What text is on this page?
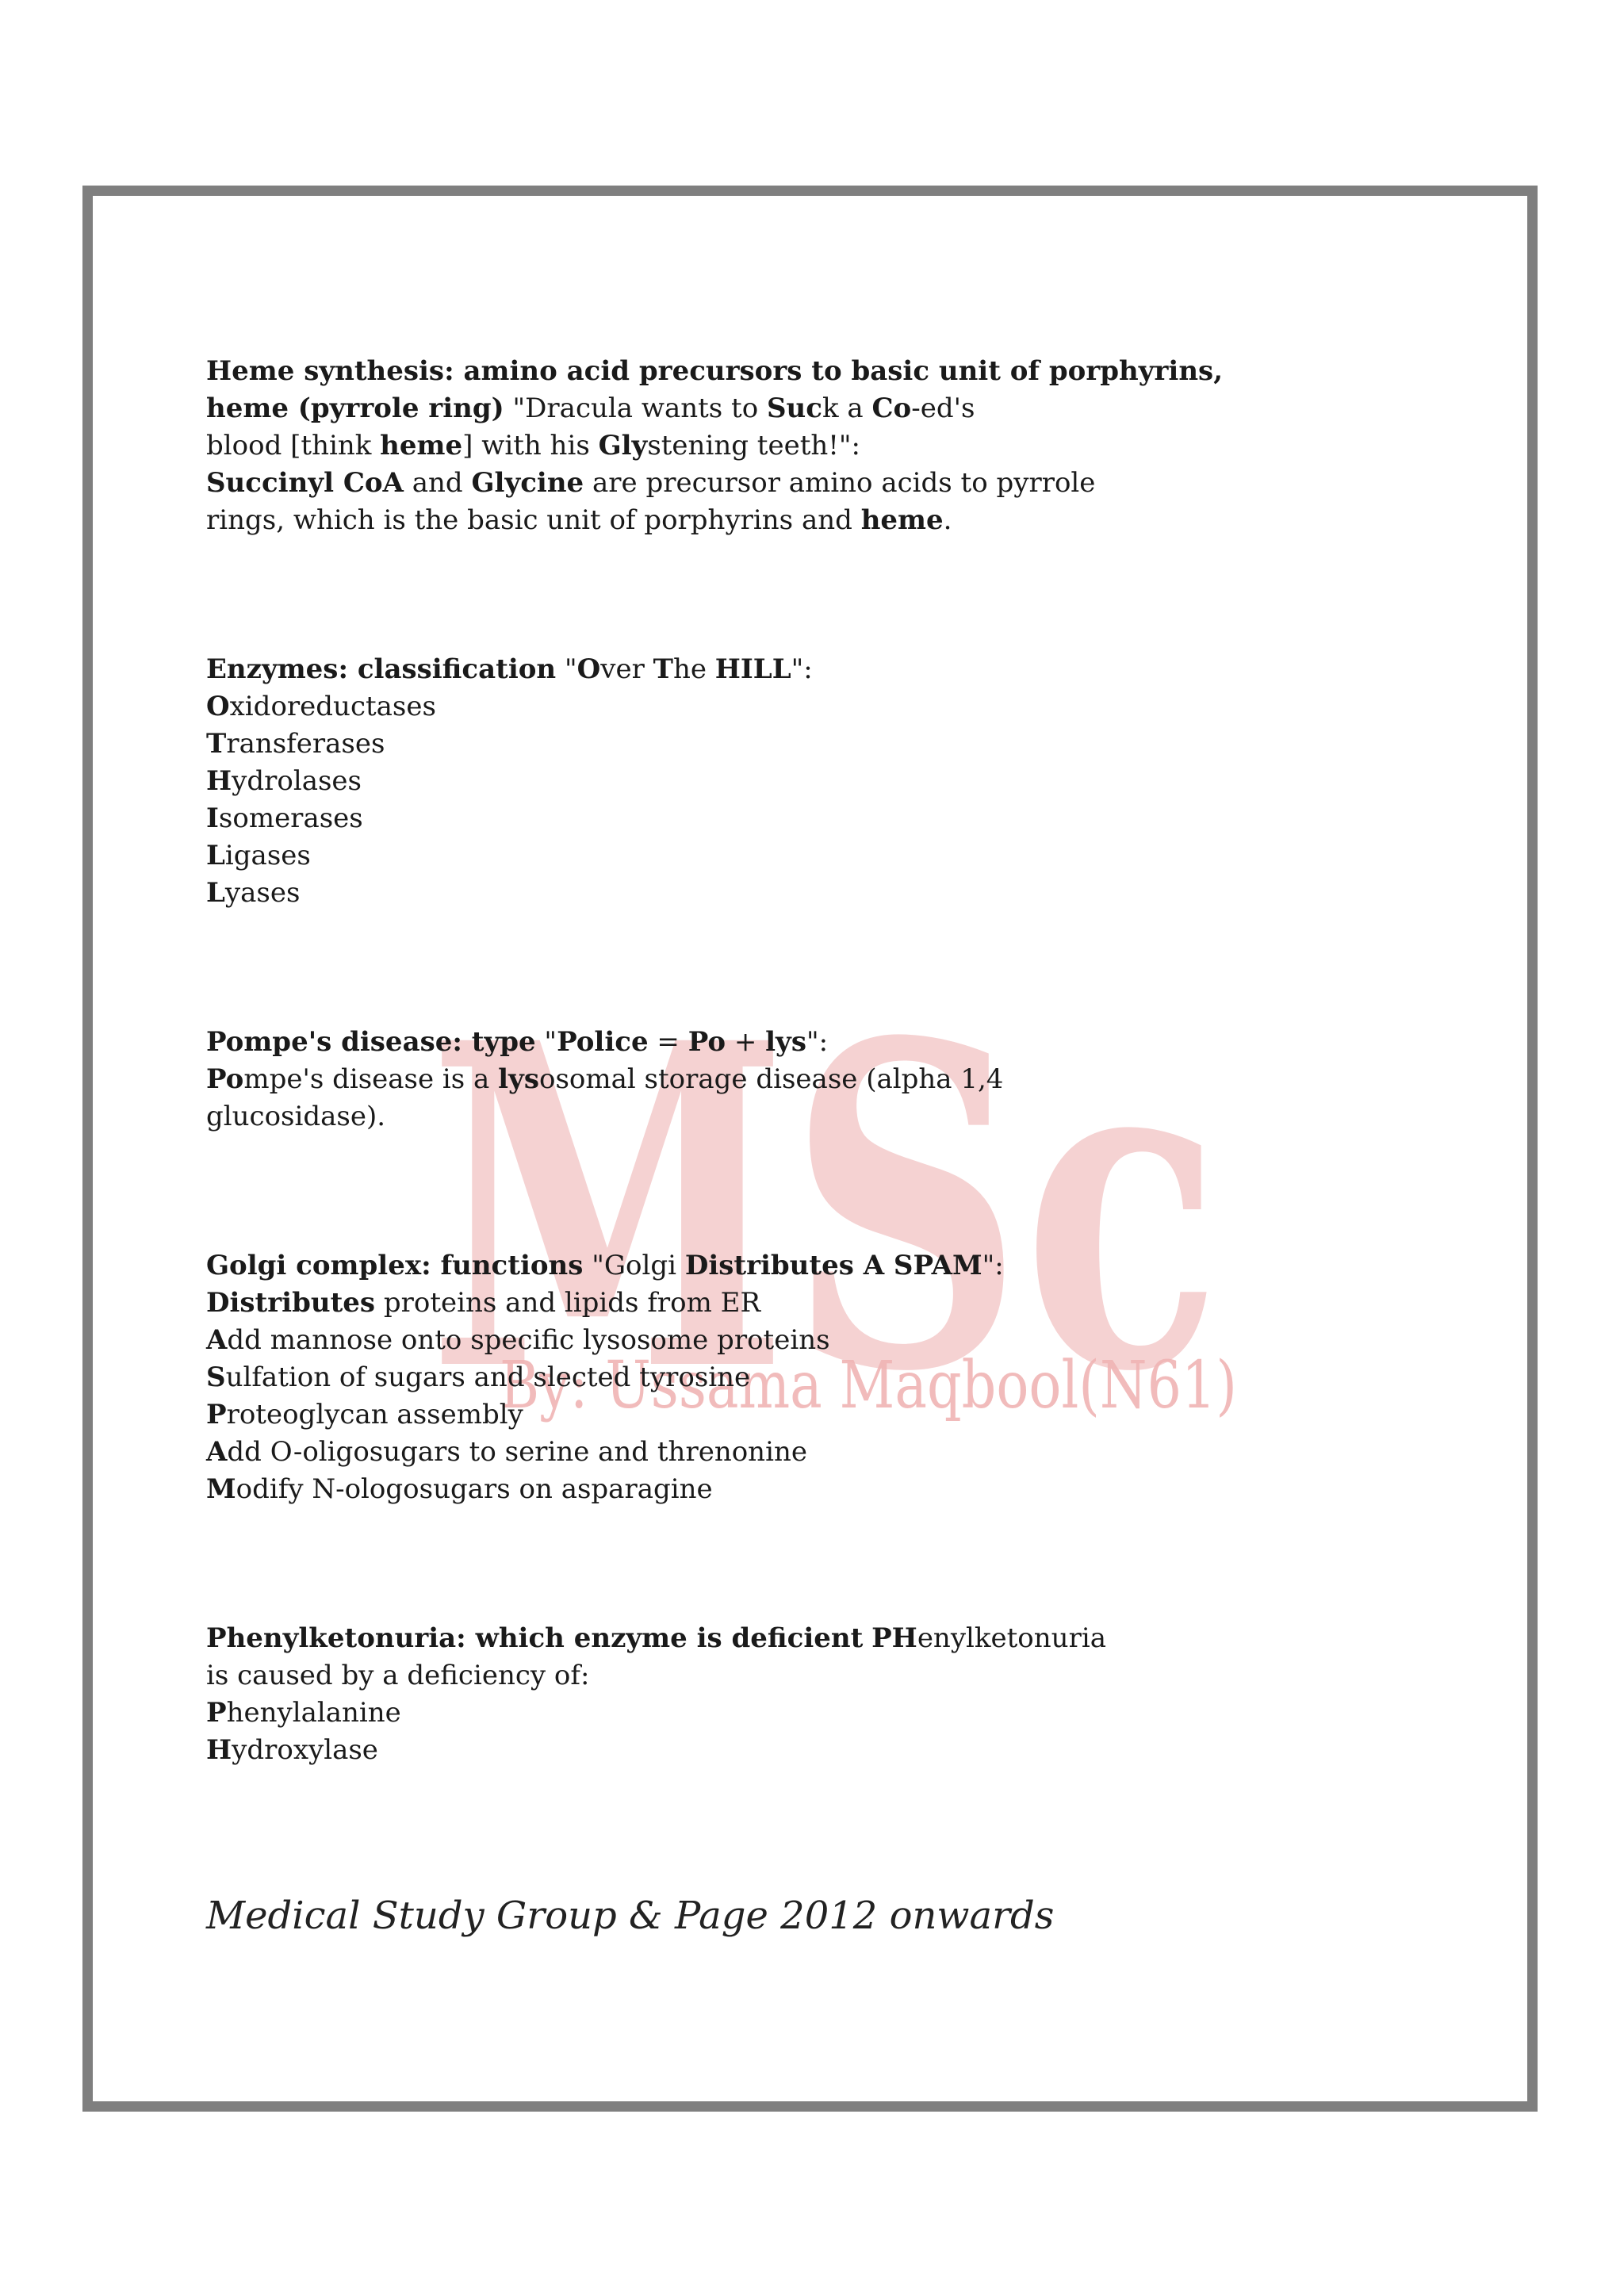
MSc
By: Ussama Maqbool(N61)
Heme synthesis: amino acid precursors to basic unit of porphyrins,
heme (pyrrole ring) "Dracula wants to Suck a Co-ed's
blood [think heme] with his Glystening teeth!":
Succinyl CoA and Glycine are precursor amino acids to pyrrole
rings, which is the basic unit of porphyrins and heme.
Enzymes: classification "Over The HILL":
Oxidoreductases
Transferases
Hydrolases
Isomerases
Ligases
Lyases
Pompe's disease: type "Police = Po + lys":
Pompe's disease is a lysosomal storage disease (alpha 1,4
glucosidase).
Golgi complex: functions "Golgi Distributes A SPAM":
Distributes proteins and lipids from ER
Add mannose onto specific lysosome proteins
Sulfation of sugars and slected tyrosine
Proteoglycan assembly
Add O-oligosugars to serine and threnonine
Modify N-ologosugars on asparagine
Phenylketonuria: which enzyme is deficient PHenylketonuria
is caused by a deficiency of:
Phenylalanine
Hydroxylase
Medical Study Group & Page 2012 onwards
